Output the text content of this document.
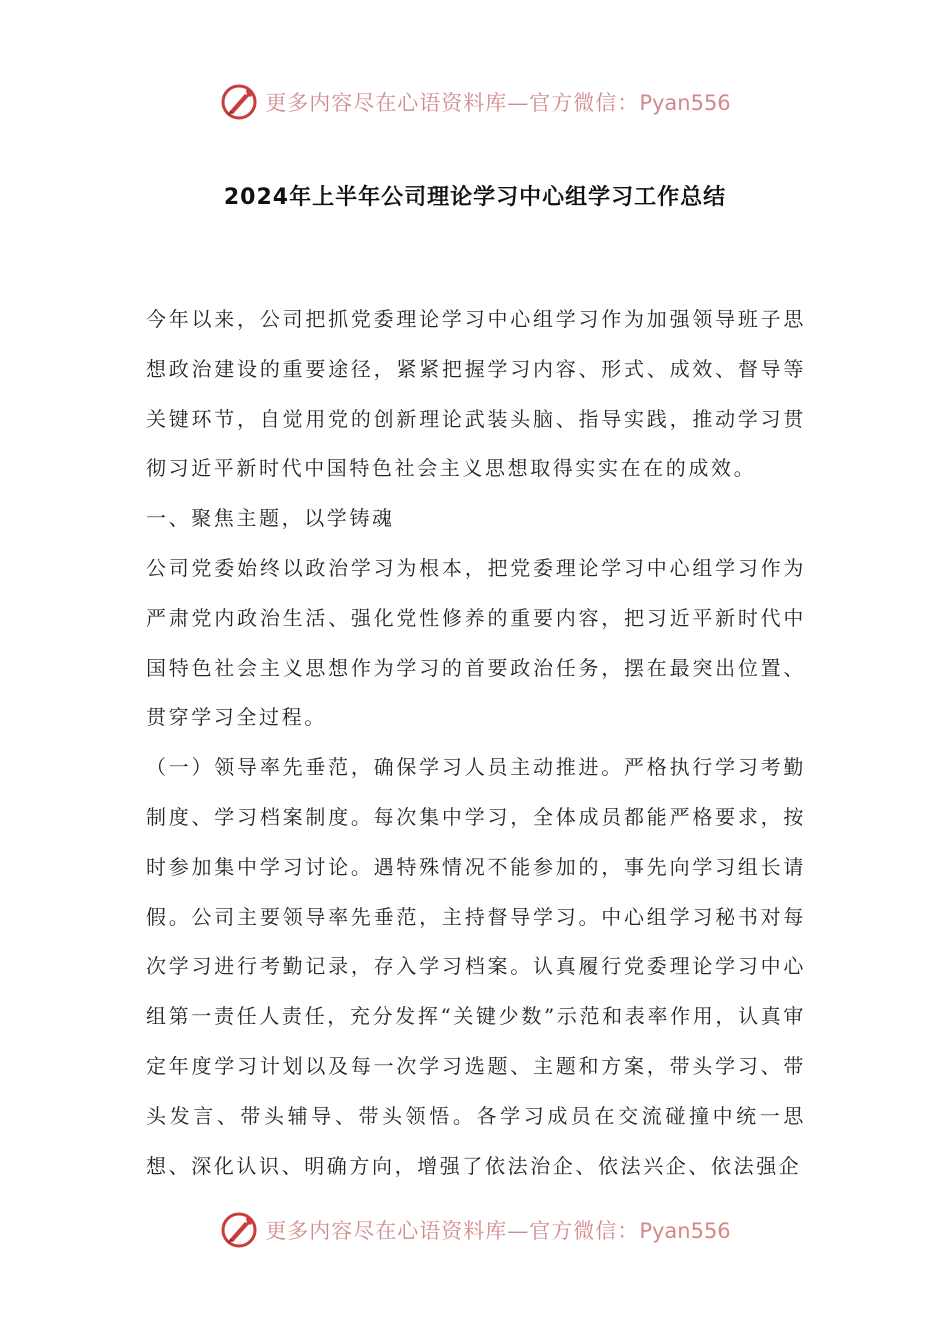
更多内容尽在心语资料库—官方微信：Pyan556
2024年上半年公司理论学习中心组学习工作总结

今年以来，公司把抓党委理论学习中心组学习作为加强领导班子思想政治建设的重要途径，紧紧把握学习内容、形式、成效、督导等关键环节，自觉用党的创新理论武装头脑、指导实践，推动学习贯彻习近平新时代中国特色社会主义思想取得实实在在的成效。

一、聚焦主题，以学铸魂

公司党委始终以政治学习为根本，把党委理论学习中心组学习作为严肃党内政治生活、强化党性修养的重要内容，把习近平新时代中国特色社会主义思想作为学习的首要政治任务，摆在最突出位置、贯穿学习全过程。

（一）领导率先垂范，确保学习人员主动推进。严格执行学习考勤制度、学习档案制度。每次集中学习，全体成员都能严格要求，按时参加集中学习讨论。遇特殊情况不能参加的，事先向学习组长请假。公司主要领导率先垂范，主持督导学习。中心组学习秘书对每次学习进行考勤记录，存入学习档案。认真履行党委理论学习中心组第一责任人责任，充分发挥“关键少数”示范和表率作用，认真审定年度学习计划以及每一次学习选题、主题和方案，带头学习、带头发言、带头辅导、带头领悟。各学习成员在交流碰撞中统一思想、深化认识、明确方向，增强了依法治企、依法兴企、依法强企

更多内容尽在心语资料库—官方微信：Pyan556
